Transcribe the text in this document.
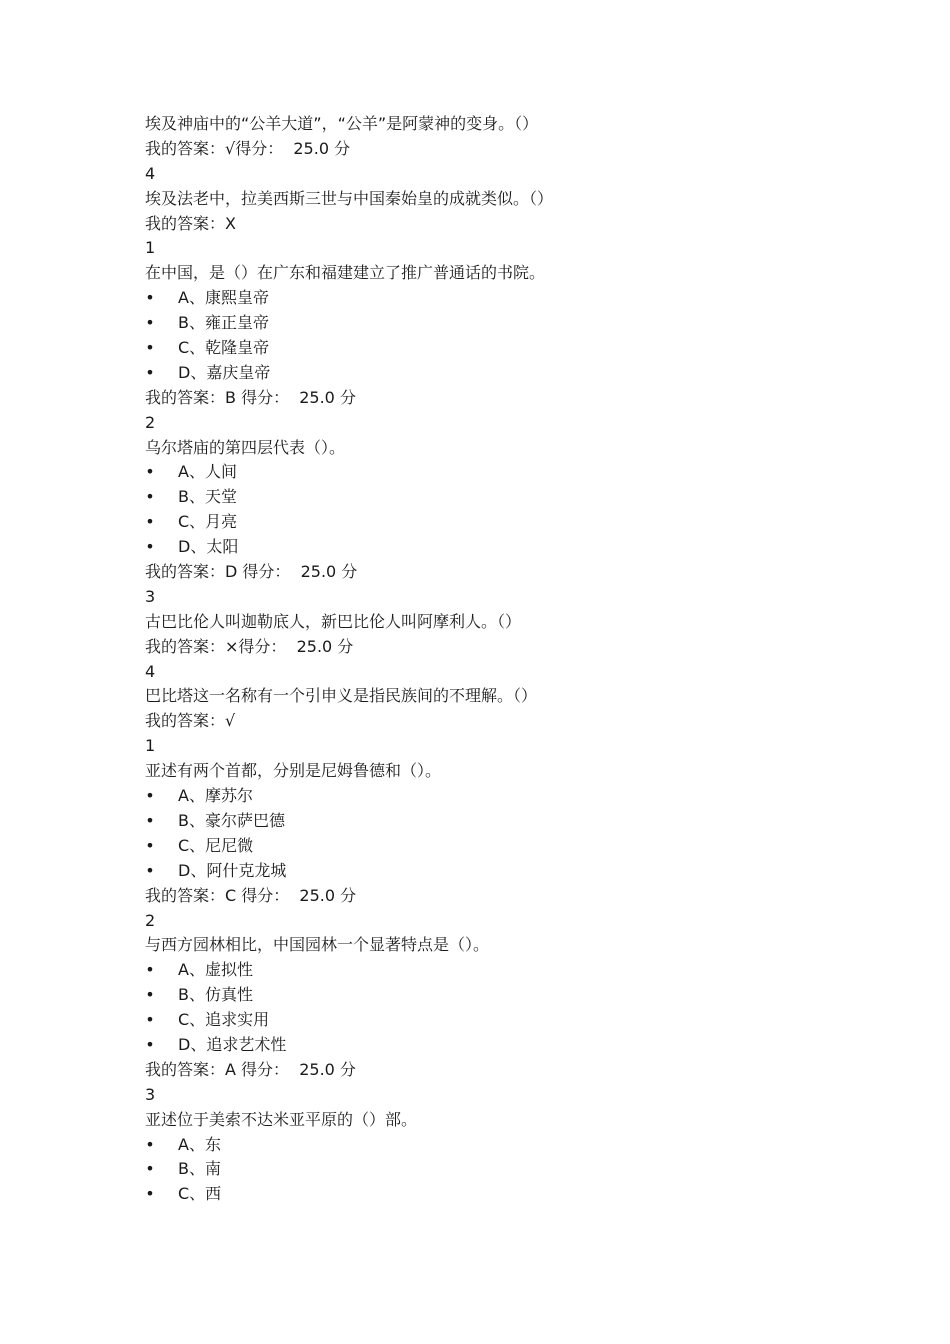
埃及神庙中的“公羊大道”，“公羊”是阿蒙神的变身。（）
我的答案：√得分：  25.0 分
4
埃及法老中，拉美西斯三世与中国秦始皇的成就类似。（）
我的答案：X
1
在中国，是（）在广东和福建建立了推广普通话的书院。
• A、康熙皇帝
• B、雍正皇帝
• C、乾隆皇帝
• D、嘉庆皇帝
我的答案：B 得分：  25.0 分
2
乌尔塔庙的第四层代表（）。
• A、人间
• B、天堂
• C、月亮
• D、太阳
我的答案：D 得分：  25.0 分
3
古巴比伦人叫迦勒底人，新巴比伦人叫阿摩利人。（）
我的答案：×得分：  25.0 分
4
巴比塔这一名称有一个引申义是指民族间的不理解。（）
我的答案：√
1
亚述有两个首都，分别是尼姆鲁德和（）。
• A、摩苏尔
• B、豪尔萨巴德
• C、尼尼微
• D、阿什克龙城
我的答案：C 得分：  25.0 分
2
与西方园林相比，中国园林一个显著特点是（）。
• A、虚拟性
• B、仿真性
• C、追求实用
• D、追求艺术性
我的答案：A 得分：  25.0 分
3
亚述位于美索不达米亚平原的（）部。
• A、东
• B、南
• C、西
